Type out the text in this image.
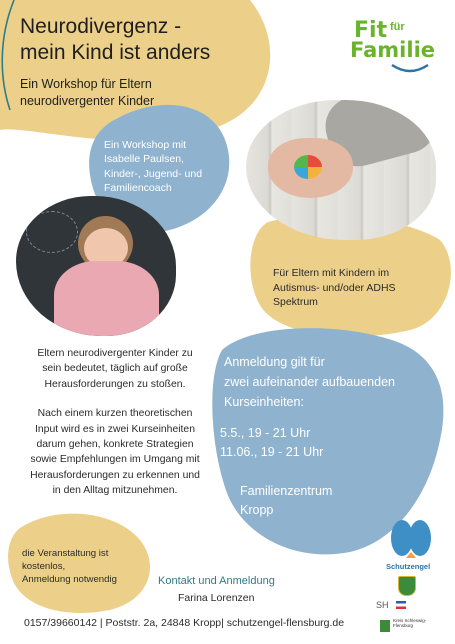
Neurodivergenz -
mein Kind ist anders
Ein Workshop für Eltern
neurodivergenter Kinder
Fit für
Familie
Ein Workshop mit
Isabelle Paulsen,
Kinder-, Jugend- und
Familiencoach
Für Eltern mit Kindern im
Autismus- und/oder ADHS
Spektrum
Eltern neurodivergenter Kinder zu
sein bedeutet, täglich auf große
Herausforderungen zu stoßen.
Nach einem kurzen theoretischen
Input wird es in zwei Kurseinheiten
darum gehen, konkrete Strategien
sowie Empfehlungen im Umgang mit
Herausforderungen zu erkennen und
in den Alltag mitzunehmen.
Anmeldung gilt für
zwei aufeinander aufbauenden
Kurseinheiten:
5.5., 19 - 21 Uhr
11.06., 19 - 21 Uhr
Familienzentrum
Kropp
die Veranstaltung ist
kostenlos,
Anmeldung notwendig	Kontakt und Anmeldung
Farina Lorenzen
0157/39660142 | Poststr. 2a, 24848 Kropp| schutzengel-flensburg.de
Schutzengel
SH
Kreis Schleswig-Flensburg
